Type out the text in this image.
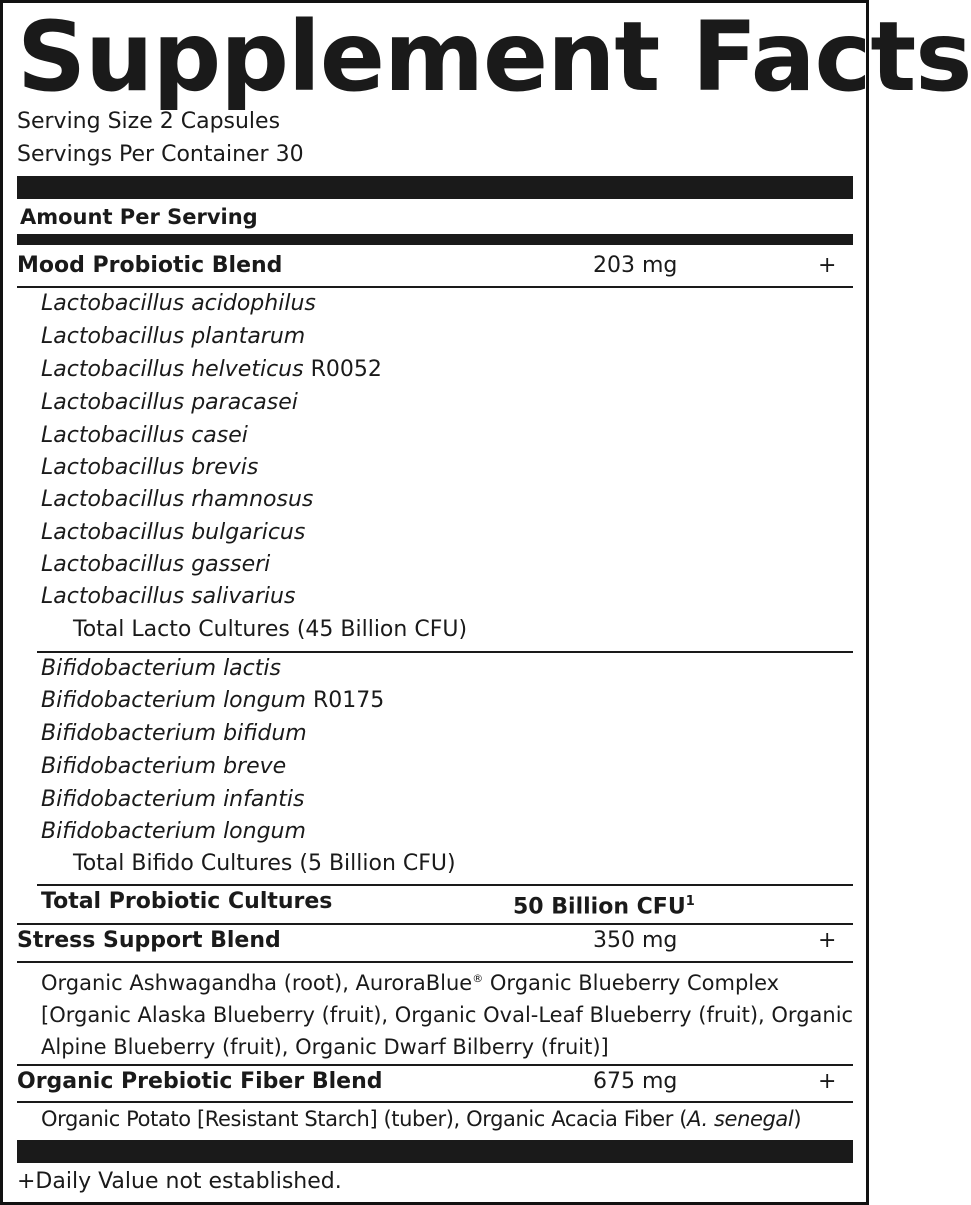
Supplement Facts
Serving Size 2 Capsules
Servings Per Container 30
Amount Per Serving
Mood Probiotic Blend	203 mg	+
Lactobacillus acidophilus
Lactobacillus plantarum
Lactobacillus helveticus R0052
Lactobacillus paracasei
Lactobacillus casei
Lactobacillus brevis
Lactobacillus rhamnosus
Lactobacillus bulgaricus
Lactobacillus gasseri
Lactobacillus salivarius
Total Lacto Cultures (45 Billion CFU)
Bifidobacterium lactis
Bifidobacterium longum R0175
Bifidobacterium bifidum
Bifidobacterium breve
Bifidobacterium infantis
Bifidobacterium longum
Total Bifido Cultures (5 Billion CFU)
Total Probiotic Cultures	50 Billion CFU$^1$
Stress Support Blend	350 mg	+
Organic Ashwagandha (root), AuroraBlue® Organic Blueberry Complex [Organic Alaska Blueberry (fruit), Organic Oval-Leaf Blueberry (fruit), Organic Alpine Blueberry (fruit), Organic Dwarf Bilberry (fruit)]
Organic Prebiotic Fiber Blend	675 mg	+
Organic Potato [Resistant Starch] (tuber), Organic Acacia Fiber (A. senegal)
+Daily Value not established.
